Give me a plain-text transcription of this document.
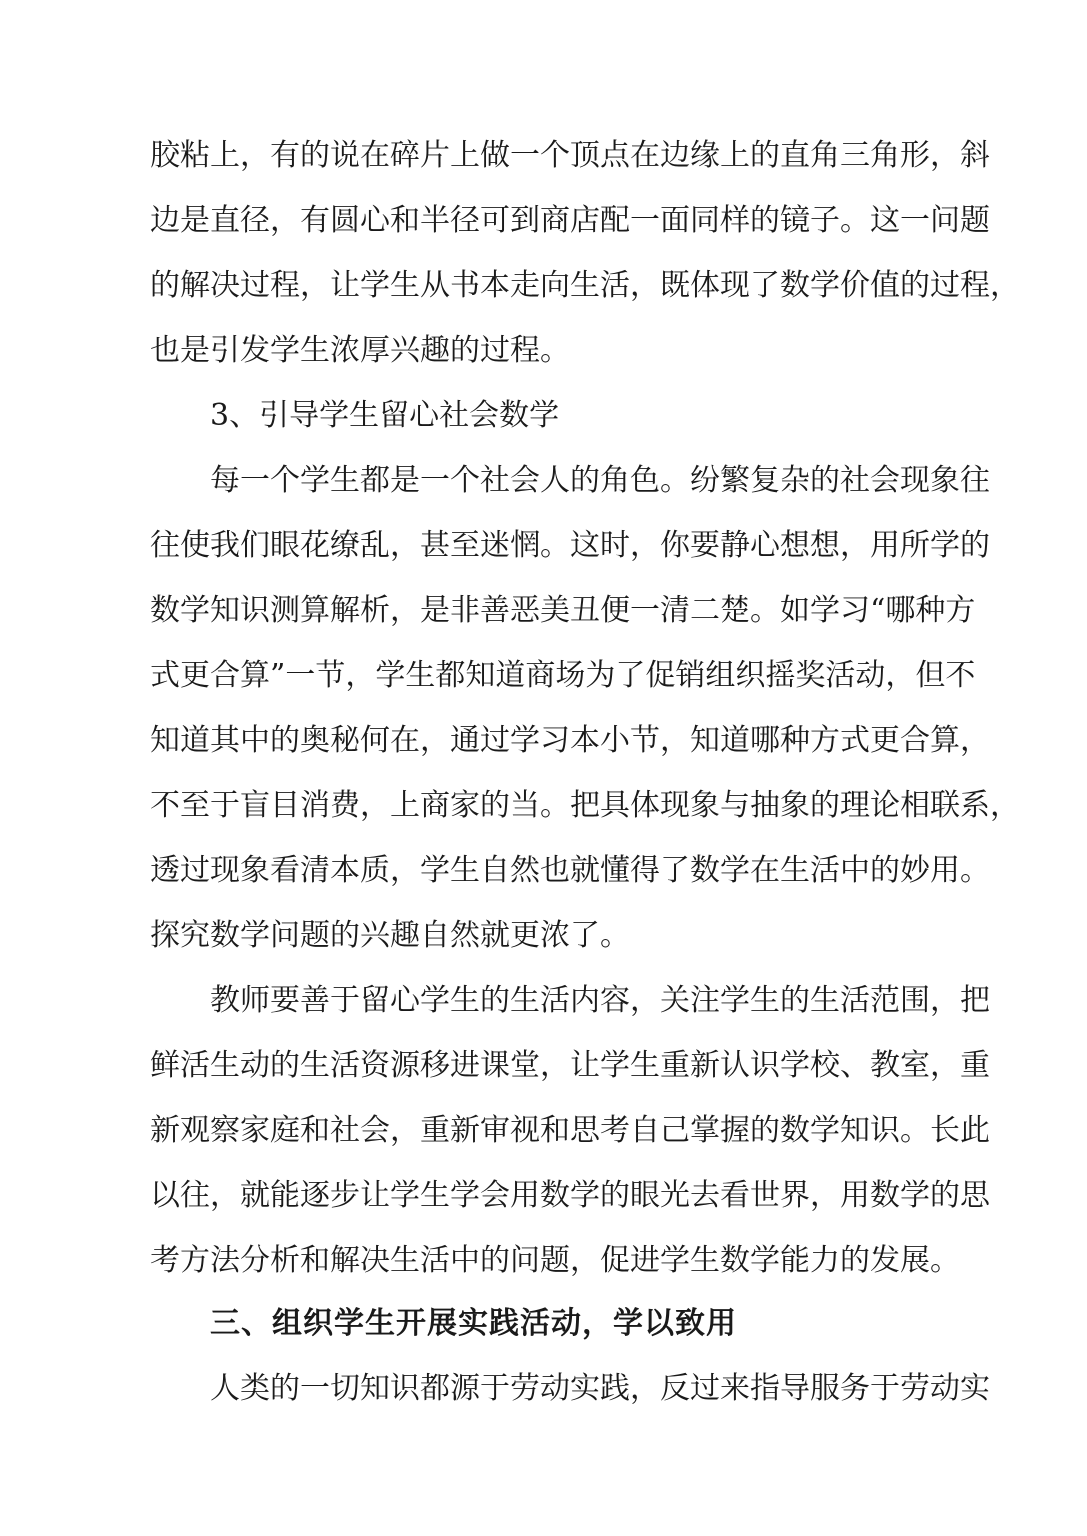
胶粘上，有的说在碎片上做一个顶点在边缘上的直角三角形，斜
边是直径，有圆心和半径可到商店配一面同样的镜子。这一问题
的解决过程，让学生从书本走向生活，既体现了数学价值的过程，
也是引发学生浓厚兴趣的过程。
3、引导学生留心社会数学
每一个学生都是一个社会人的角色。纷繁复杂的社会现象往
往使我们眼花缭乱，甚至迷惘。这时，你要静心想想，用所学的
数学知识测算解析，是非善恶美丑便一清二楚。如学习“哪种方
式更合算”一节，学生都知道商场为了促销组织摇奖活动，但不
知道其中的奥秘何在，通过学习本小节，知道哪种方式更合算，
不至于盲目消费，上商家的当。把具体现象与抽象的理论相联系，
透过现象看清本质，学生自然也就懂得了数学在生活中的妙用。
探究数学问题的兴趣自然就更浓了。
教师要善于留心学生的生活内容，关注学生的生活范围，把
鲜活生动的生活资源移进课堂，让学生重新认识学校、教室，重
新观察家庭和社会，重新审视和思考自己掌握的数学知识。长此
以往，就能逐步让学生学会用数学的眼光去看世界，用数学的思
考方法分析和解决生活中的问题，促进学生数学能力的发展。
三、组织学生开展实践活动，学以致用
人类的一切知识都源于劳动实践，反过来指导服务于劳动实
